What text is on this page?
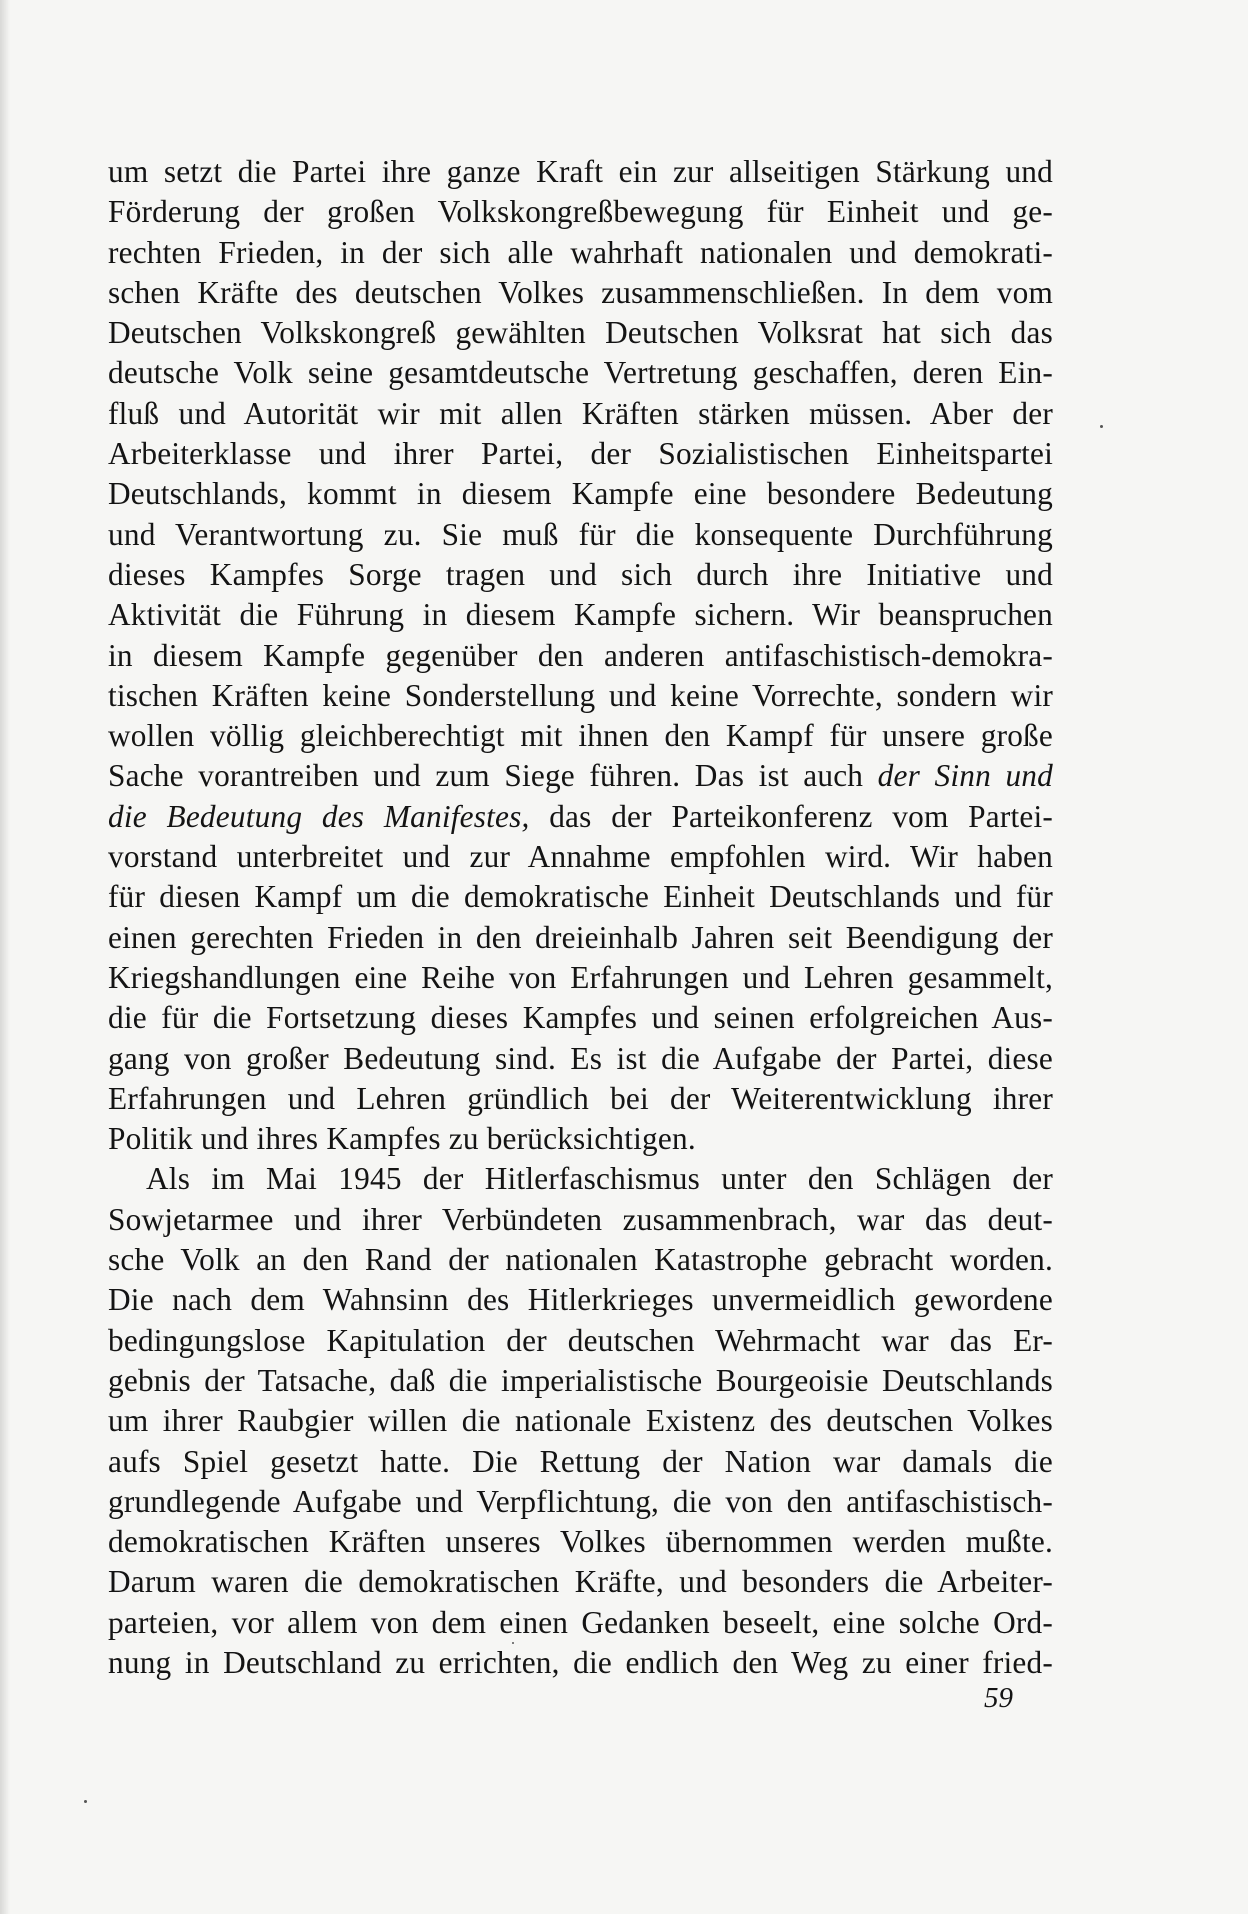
um setzt die Partei ihre ganze Kraft ein zur allseitigen Stärkung und
Förderung der großen Volkskongreßbewegung für Einheit und ge-
rechten Frieden, in der sich alle wahrhaft nationalen und demokrati-
schen Kräfte des deutschen Volkes zusammenschließen. In dem vom
Deutschen Volkskongreß gewählten Deutschen Volksrat hat sich das
deutsche Volk seine gesamtdeutsche Vertretung geschaffen, deren Ein-
fluß und Autorität wir mit allen Kräften stärken müssen. Aber der
Arbeiterklasse und ihrer Partei, der Sozialistischen Einheitspartei
Deutschlands, kommt in diesem Kampfe eine besondere Bedeutung
und Verantwortung zu. Sie muß für die konsequente Durchführung
dieses Kampfes Sorge tragen und sich durch ihre Initiative und
Aktivität die Führung in diesem Kampfe sichern. Wir beanspruchen
in diesem Kampfe gegenüber den anderen antifaschistisch-demokra-
tischen Kräften keine Sonderstellung und keine Vorrechte, sondern wir
wollen völlig gleichberechtigt mit ihnen den Kampf für unsere große
Sache vorantreiben und zum Siege führen. Das ist auch der Sinn und
die Bedeutung des Manifestes, das der Parteikonferenz vom Partei-
vorstand unterbreitet und zur Annahme empfohlen wird. Wir haben
für diesen Kampf um die demokratische Einheit Deutschlands und für
einen gerechten Frieden in den dreieinhalb Jahren seit Beendigung der
Kriegshandlungen eine Reihe von Erfahrungen und Lehren gesammelt,
die für die Fortsetzung dieses Kampfes und seinen erfolgreichen Aus-
gang von großer Bedeutung sind. Es ist die Aufgabe der Partei, diese
Erfahrungen und Lehren gründlich bei der Weiterentwicklung ihrer
Politik und ihres Kampfes zu berücksichtigen.
Als im Mai 1945 der Hitlerfaschismus unter den Schlägen der
Sowjetarmee und ihrer Verbündeten zusammenbrach, war das deut-
sche Volk an den Rand der nationalen Katastrophe gebracht worden.
Die nach dem Wahnsinn des Hitlerkrieges unvermeidlich gewordene
bedingungslose Kapitulation der deutschen Wehrmacht war das Er-
gebnis der Tatsache, daß die imperialistische Bourgeoisie Deutschlands
um ihrer Raubgier willen die nationale Existenz des deutschen Volkes
aufs Spiel gesetzt hatte. Die Rettung der Nation war damals die
grundlegende Aufgabe und Verpflichtung, die von den antifaschistisch-
demokratischen Kräften unseres Volkes übernommen werden mußte.
Darum waren die demokratischen Kräfte, und besonders die Arbeiter-
parteien, vor allem von dem einen Gedanken beseelt, eine solche Ord-
nung in Deutschland zu errichten, die endlich den Weg zu einer fried-
59
